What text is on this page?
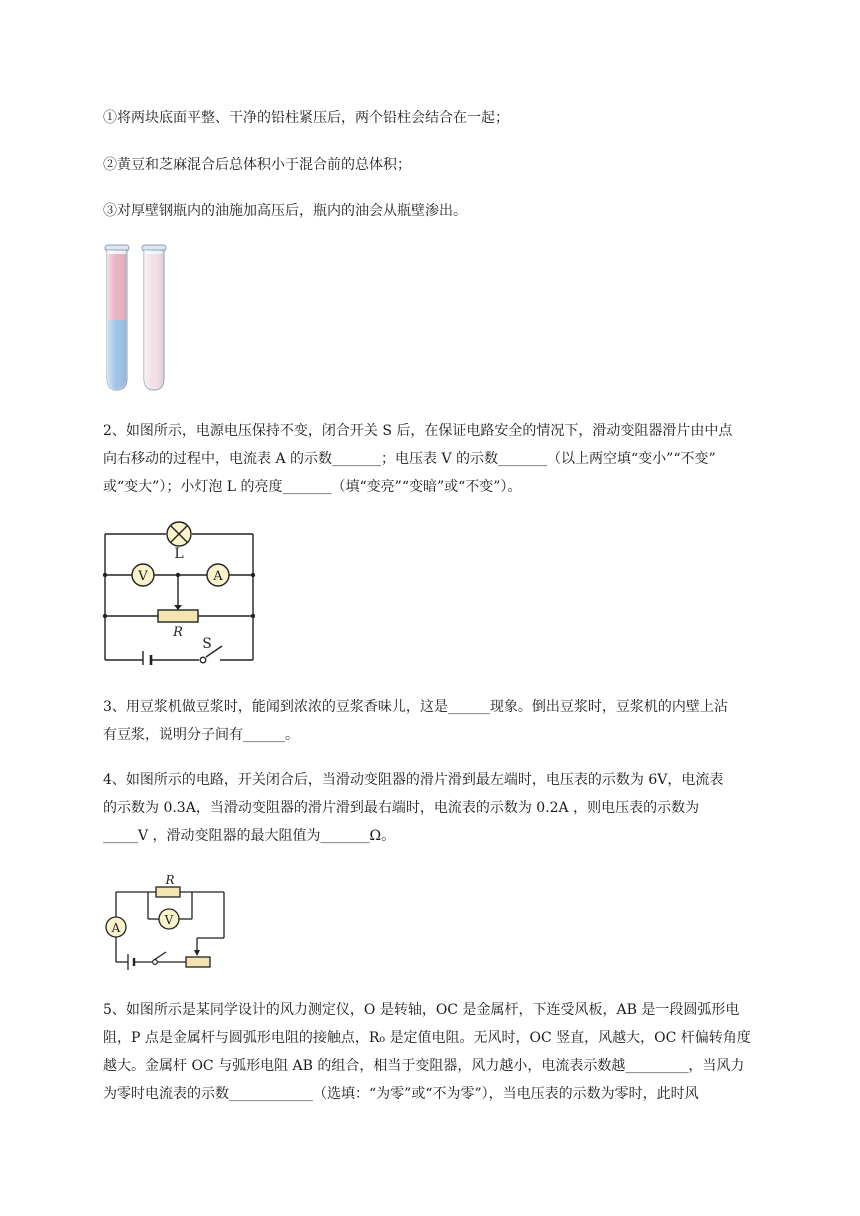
①将两块底面平整、干净的铅柱紧压后，两个铅柱会结合在一起；
②黄豆和芝麻混合后总体积小于混合前的总体积；
③对厚壁钢瓶内的油施加高压后，瓶内的油会从瓶壁渗出。
2、如图所示，电源电压保持不变，闭合开关 S 后，在保证电路安全的情况下，滑动变阻器滑片由中点
向右移动的过程中，电流表 A 的示数_______；电压表 V 的示数_______（以上两空填“变小”“不变”
或“变大”）；小灯泡 L 的亮度_______（填“变亮”“变暗”或“不变”）。
L
V	A
R
S
3、用豆浆机做豆浆时，能闻到浓浓的豆浆香味儿，这是______现象。倒出豆浆时，豆浆机的内壁上沾
有豆浆，说明分子间有______。
4、如图所示的电路，开关闭合后，当滑动变阻器的滑片滑到最左端时，电压表的示数为 6V，电流表
的示数为 0.3A，当滑动变阻器的滑片滑到最右端时，电流表的示数为 0.2A ，则电压表的示数为
_____V ，滑动变阻器的最大阻值为_______Ω。
R
V
A
5、如图所示是某同学设计的风力测定仪，O 是转轴，OC 是金属杆，下连受风板，AB 是一段圆弧形电
阻，P 点是金属杆与圆弧形电阻的接触点，R₀ 是定值电阻。无风时，OC 竖直，风越大，OC 杆偏转角度
越大。金属杆 OC 与弧形电阻 AB 的组合，相当于变阻器，风力越小，电流表示数越_________，当风力
为零时电流表的示数____________（选填：“为零”或“不为零”），当电压表的示数为零时，此时风
